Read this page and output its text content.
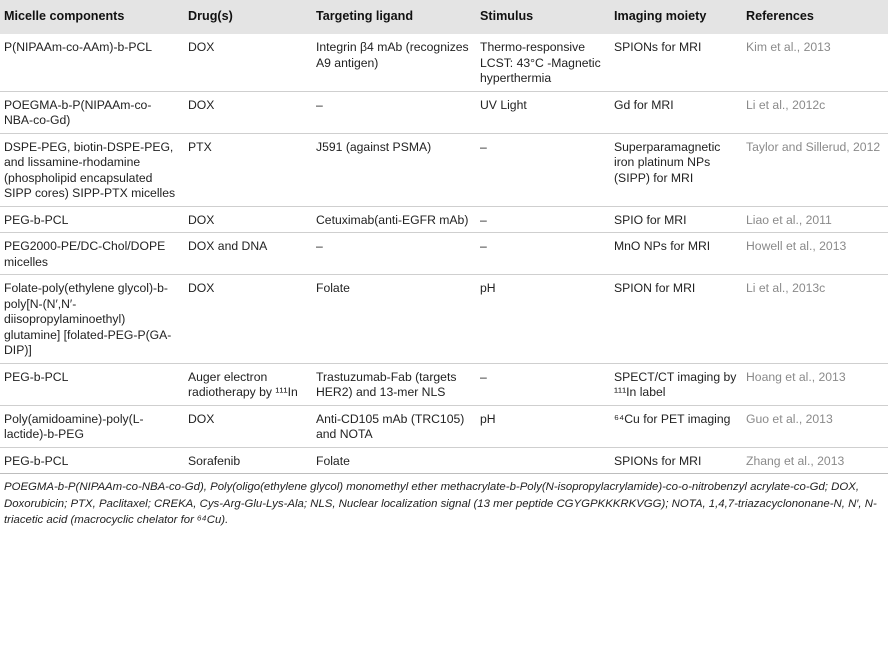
Micelle components	Drug(s)	Targeting ligand	Stimulus	Imaging moiety	References
P(NIPAAm-co-AAm)-b-PCL	DOX	Integrin β4 mAb (recognizes A9 antigen)	Thermo-responsive LCST: 43°C -Magnetic hyperthermia	SPIONs for MRI	Kim et al., 2013
POEGMA-b-P(NIPAAm-co-NBA-co-Gd)	DOX	–	UV Light	Gd for MRI	Li et al., 2012c
DSPE-PEG, biotin-DSPE-PEG, and lissamine-rhodamine (phospholipid encapsulated SIPP cores) SIPP-PTX micelles	PTX	J591 (against PSMA)	–	Superparamagnetic iron platinum NPs (SIPP) for MRI	Taylor and Sillerud, 2012
PEG-b-PCL	DOX	Cetuximab(anti-EGFR mAb)	–	SPIO for MRI	Liao et al., 2011
PEG2000-PE/DC-Chol/DOPE micelles	DOX and DNA	–	–	MnO NPs for MRI	Howell et al., 2013
Folate-poly(ethylene glycol)-b-poly[N-(N′,N′-diisopropylaminoethyl) glutamine] [folated-PEG-P(GA-DIP)]	DOX	Folate	pH	SPION for MRI	Li et al., 2013c
PEG-b-PCL	Auger electron radiotherapy by ¹¹¹In	Trastuzumab-Fab (targets HER2) and 13-mer NLS	–	SPECT/CT imaging by ¹¹¹In label	Hoang et al., 2013
Poly(amidoamine)-poly(L-lactide)-b-PEG	DOX	Anti-CD105 mAb (TRC105) and NOTA	pH	⁶⁴Cu for PET imaging	Guo et al., 2013
PEG-b-PCL	Sorafenib	Folate		SPIONs for MRI	Zhang et al., 2013
POEGMA-b-P(NIPAAm-co-NBA-co-Gd), Poly(oligo(ethylene glycol) monomethyl ether methacrylate-b-Poly(N-isopropylacrylamide)-co-o-nitrobenzyl acrylate-co-Gd; DOX, Doxorubicin; PTX, Paclitaxel; CREKA, Cys-Arg-Glu-Lys-Ala; NLS, Nuclear localization signal (13 mer peptide CGYGPKKKRKVGG); NOTA, 1,4,7-triazacyclononane-N, N′, N-triacetic acid (macrocyclic chelator for ⁶⁴Cu).
